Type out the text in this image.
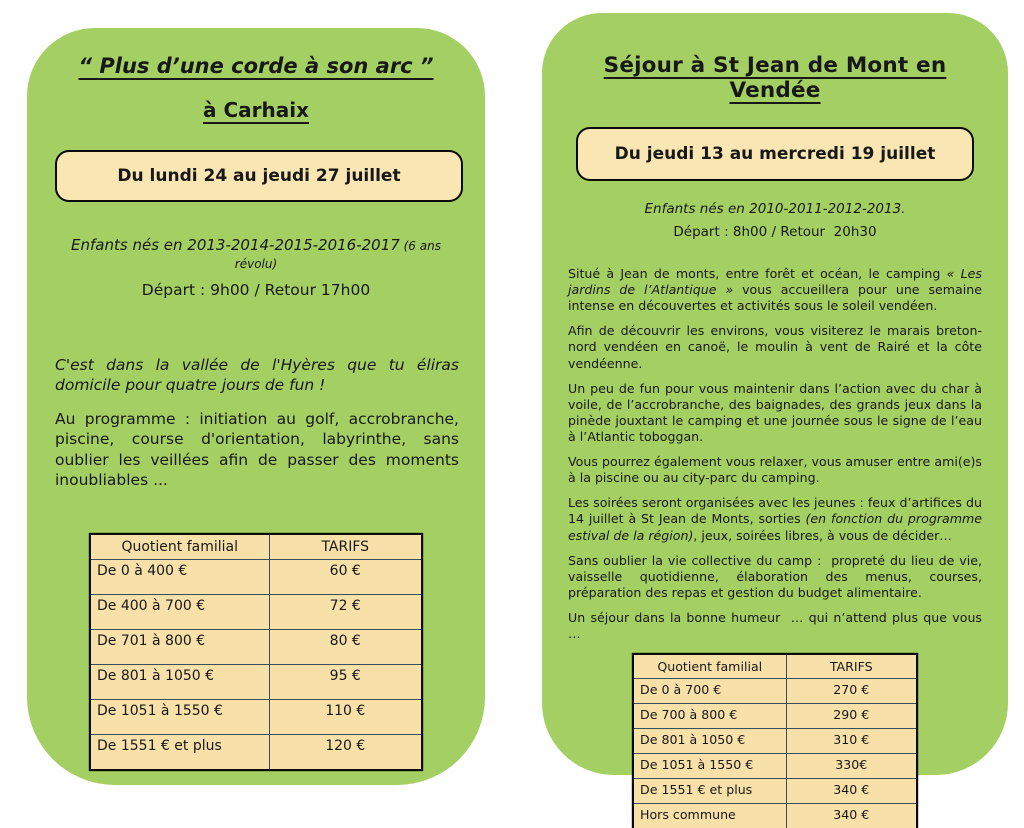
“ Plus d’une corde à son arc ”
à Carhaix
Du lundi 24 au jeudi 27 juillet

Enfants nés en 2013-2014-2015-2016-2017 (6 ans révolu)

Départ : 9h00 / Retour 17h00

C'est dans la vallée de l'Hyères que tu éliras domicile pour quatre jours de fun !

Au programme : initiation au golf, accrobranche, piscine, course d'orientation, labyrinthe, sans oublier les veillées afin de passer des moments inoubliables ...

Quotient familial	TARIFS
De 0 à 400 €	60 €
De 400 à 700 €	72 €
De 701 à 800 €	80 €
De 801 à 1050 €	95 €
De 1051 à 1550 €	110 €
De 1551 € et plus	120 €
Séjour à St Jean de Mont en Vendée
Du jeudi 13 au mercredi 19 juillet

Enfants nés en 2010-2011-2012-2013.

Départ : 8h00 / Retour  20h30

Situé à Jean de monts, entre forêt et océan, le camping « Les jardins de l’Atlantique » vous accueillera pour une semaine intense en découvertes et activités sous le soleil vendéen.

Afin de découvrir les environs, vous visiterez le marais breton-nord vendéen en canoë, le moulin à vent de Rairé et la côte vendéenne.

Un peu de fun pour vous maintenir dans l’action avec du char à voile, de l’accrobranche, des baignades, des grands jeux dans la pinède jouxtant le camping et une journée sous le signe de l’eau à l’Atlantic toboggan.

Vous pourrez également vous relaxer, vous amuser entre ami(e)s à la piscine ou au city-parc du camping.

Les soirées seront organisées avec les jeunes : feux d’artifices du 14 juillet à St Jean de Monts, sorties (en fonction du programme estival de la région), jeux, soirées libres, à vous de décider…

Sans oublier la vie collective du camp :  propreté du lieu de vie, vaisselle quotidienne, élaboration des menus, courses, préparation des repas et gestion du budget alimentaire.

Un séjour dans la bonne humeur  … qui n’attend plus que vous …

Quotient familial	TARIFS
De 0 à 700 €	270 €
De 700 à 800 €	290 €
De 801 à 1050 €	310 €
De 1051 à 1550 €	330€
De 1551 € et plus	340 €
Hors commune	340 €
